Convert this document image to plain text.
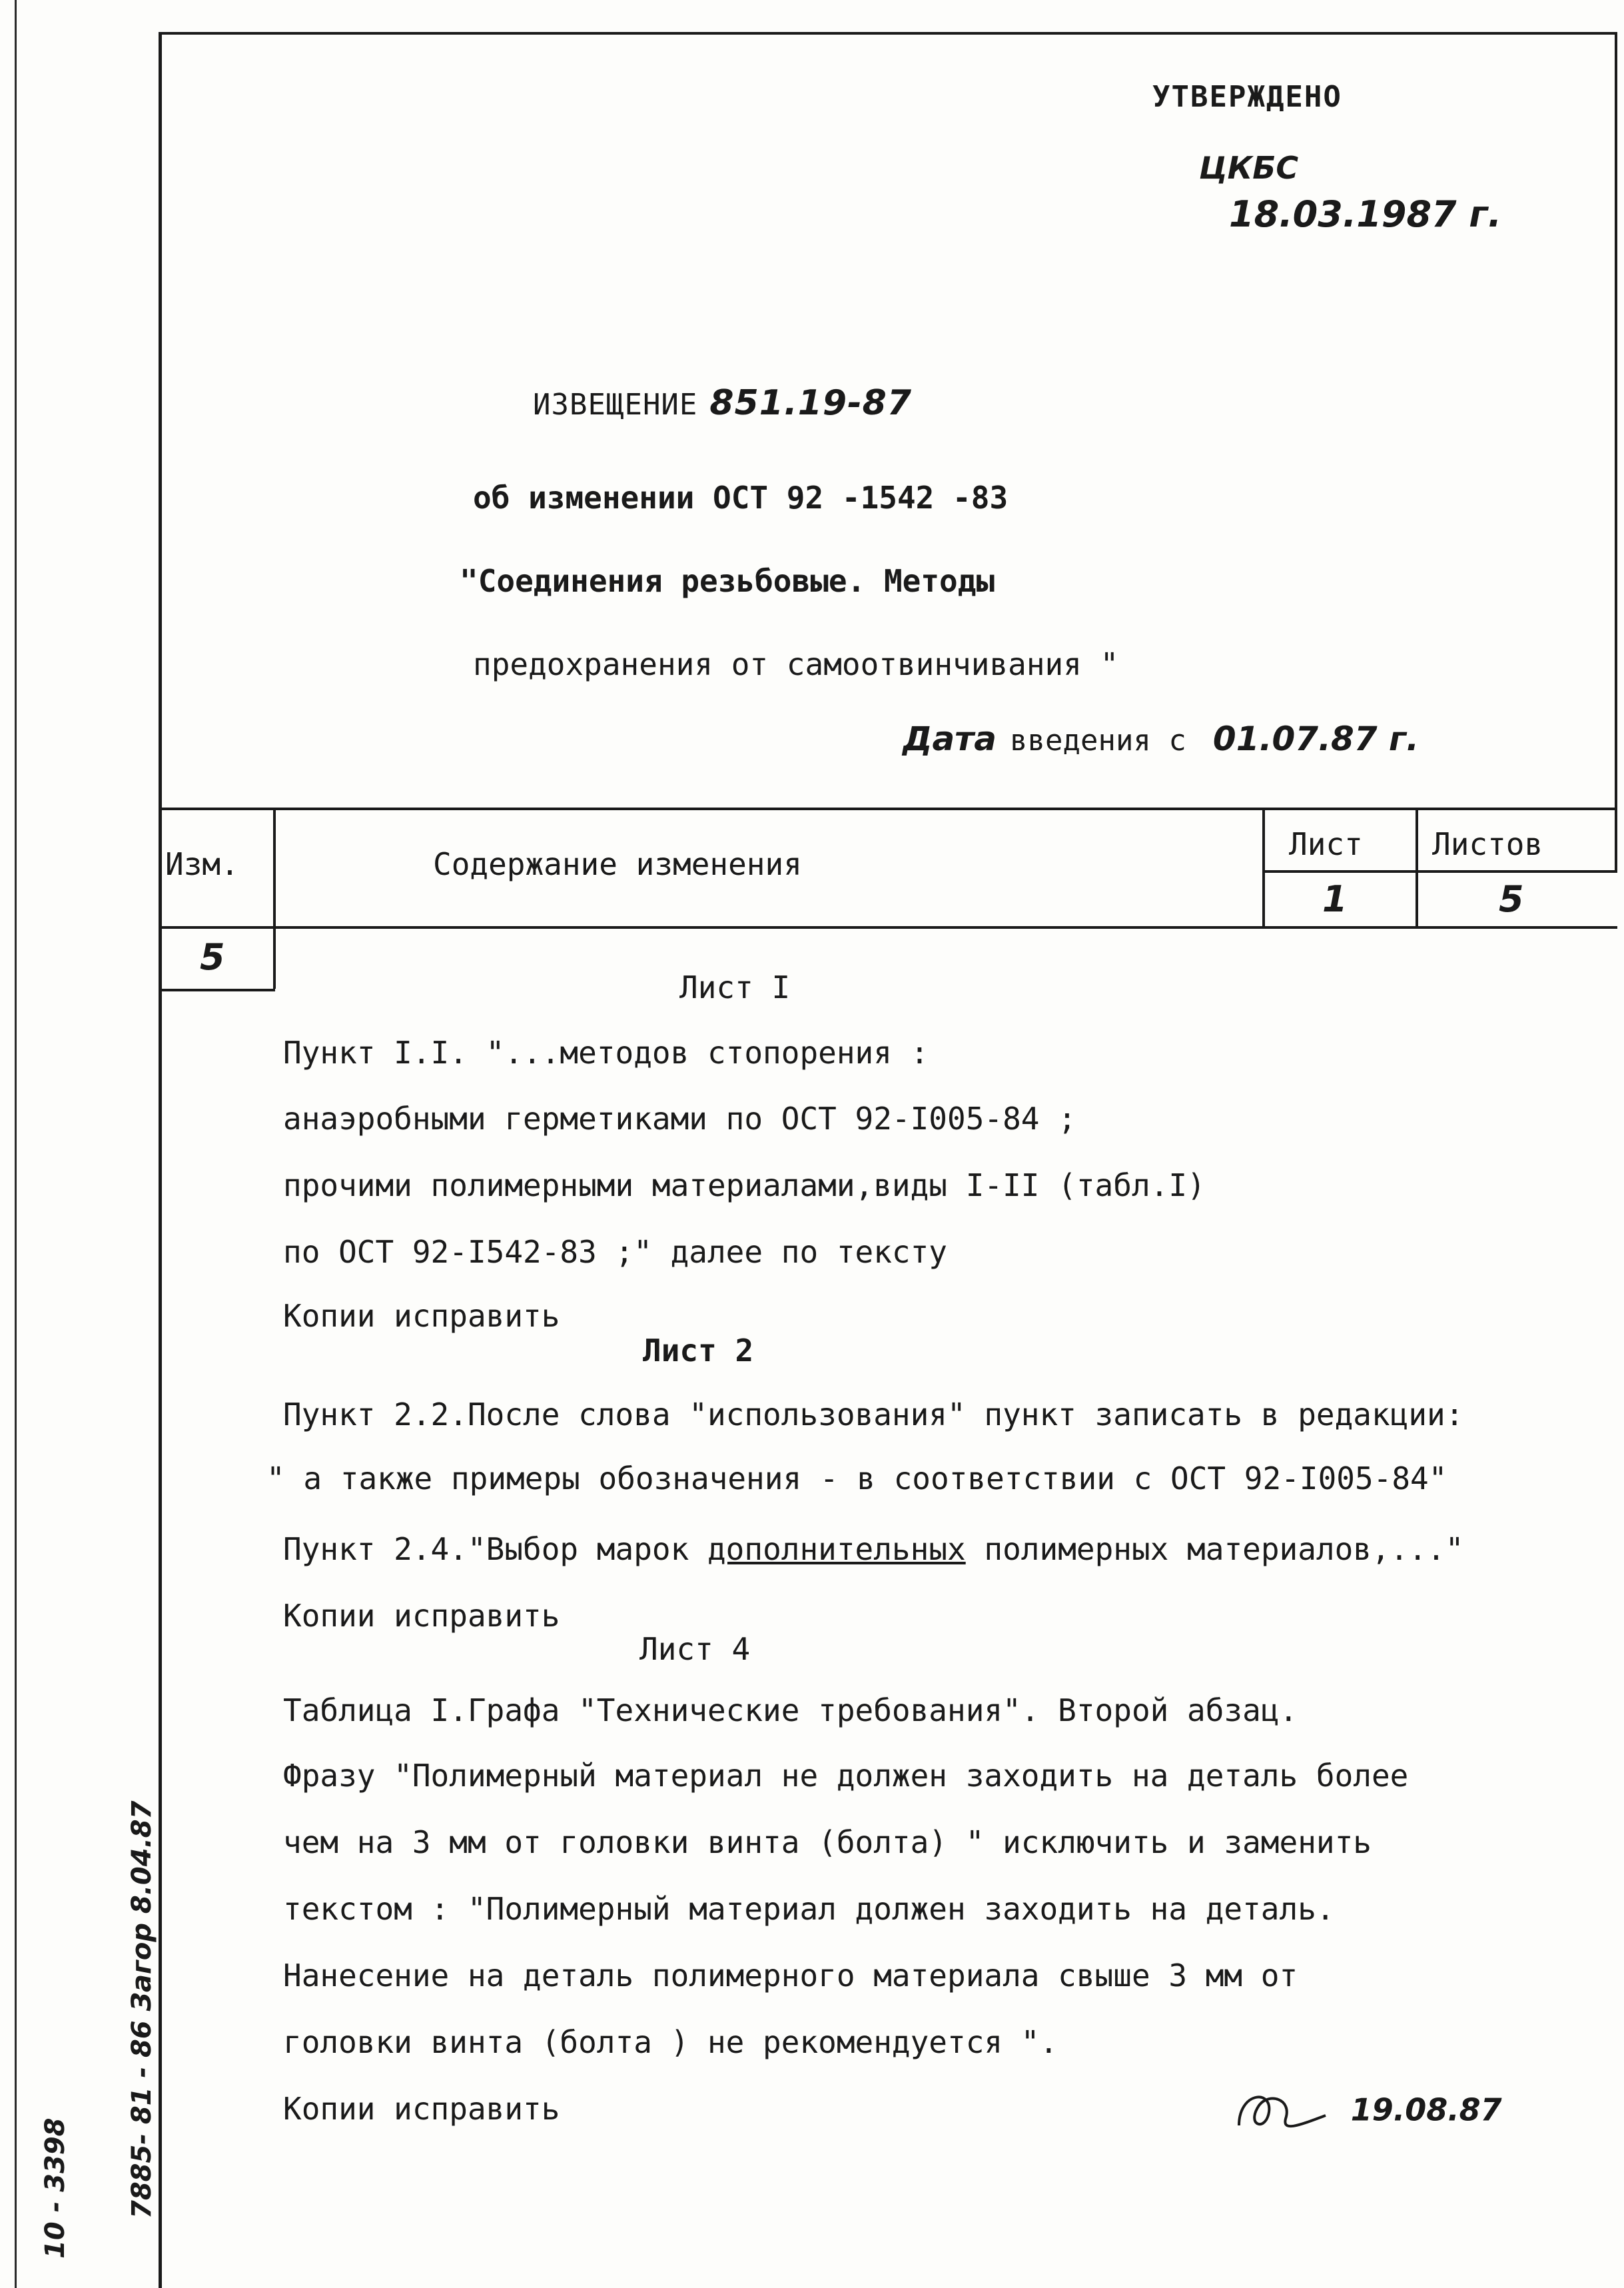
УТВЕРЖДЕНО
ЦКБС
18.03.1987 г.
ИЗВЕЩЕНИЕ 851.19-87
об изменении ОСТ 92 -1542 -83
"Соединения резьбовые. Методы
предохранения от самоотвинчивания "
Дата введения с 01.07.87 г.
Изм.	Содержание изменения
Лист Листов
1	5
5
Лист I
Пункт I.I. "...методов стопорения :
анаэробными герметиками по ОСТ 92-I005-84 ;
прочими полимерными материалами,виды I-II (табл.I)
по ОСТ 92-I542-83 ;" далее по тексту
Копии исправить
Лист 2
Пункт 2.2.После слова "использования" пункт записать в редакции:
" а также примеры обозначения - в соответствии с ОСТ 92-I005-84"
Пункт 2.4."Выбор марок дополнительных полимерных материалов,..."
Копии исправить
Лист 4
Таблица I.Графа "Технические требования". Второй абзац.
Фразу "Полимерный материал не должен заходить на деталь более
чем на 3 мм от головки винта (болта) " исключить и заменить
текстом : "Полимерный материал должен заходить на деталь.
Нанесение на деталь полимерного материала свыше 3 мм от
головки винта (болта ) не рекомендуется ".
Копии исправить	19.08.87
10 - 3398 7885- 81 - 86 Загор 8.04.87
